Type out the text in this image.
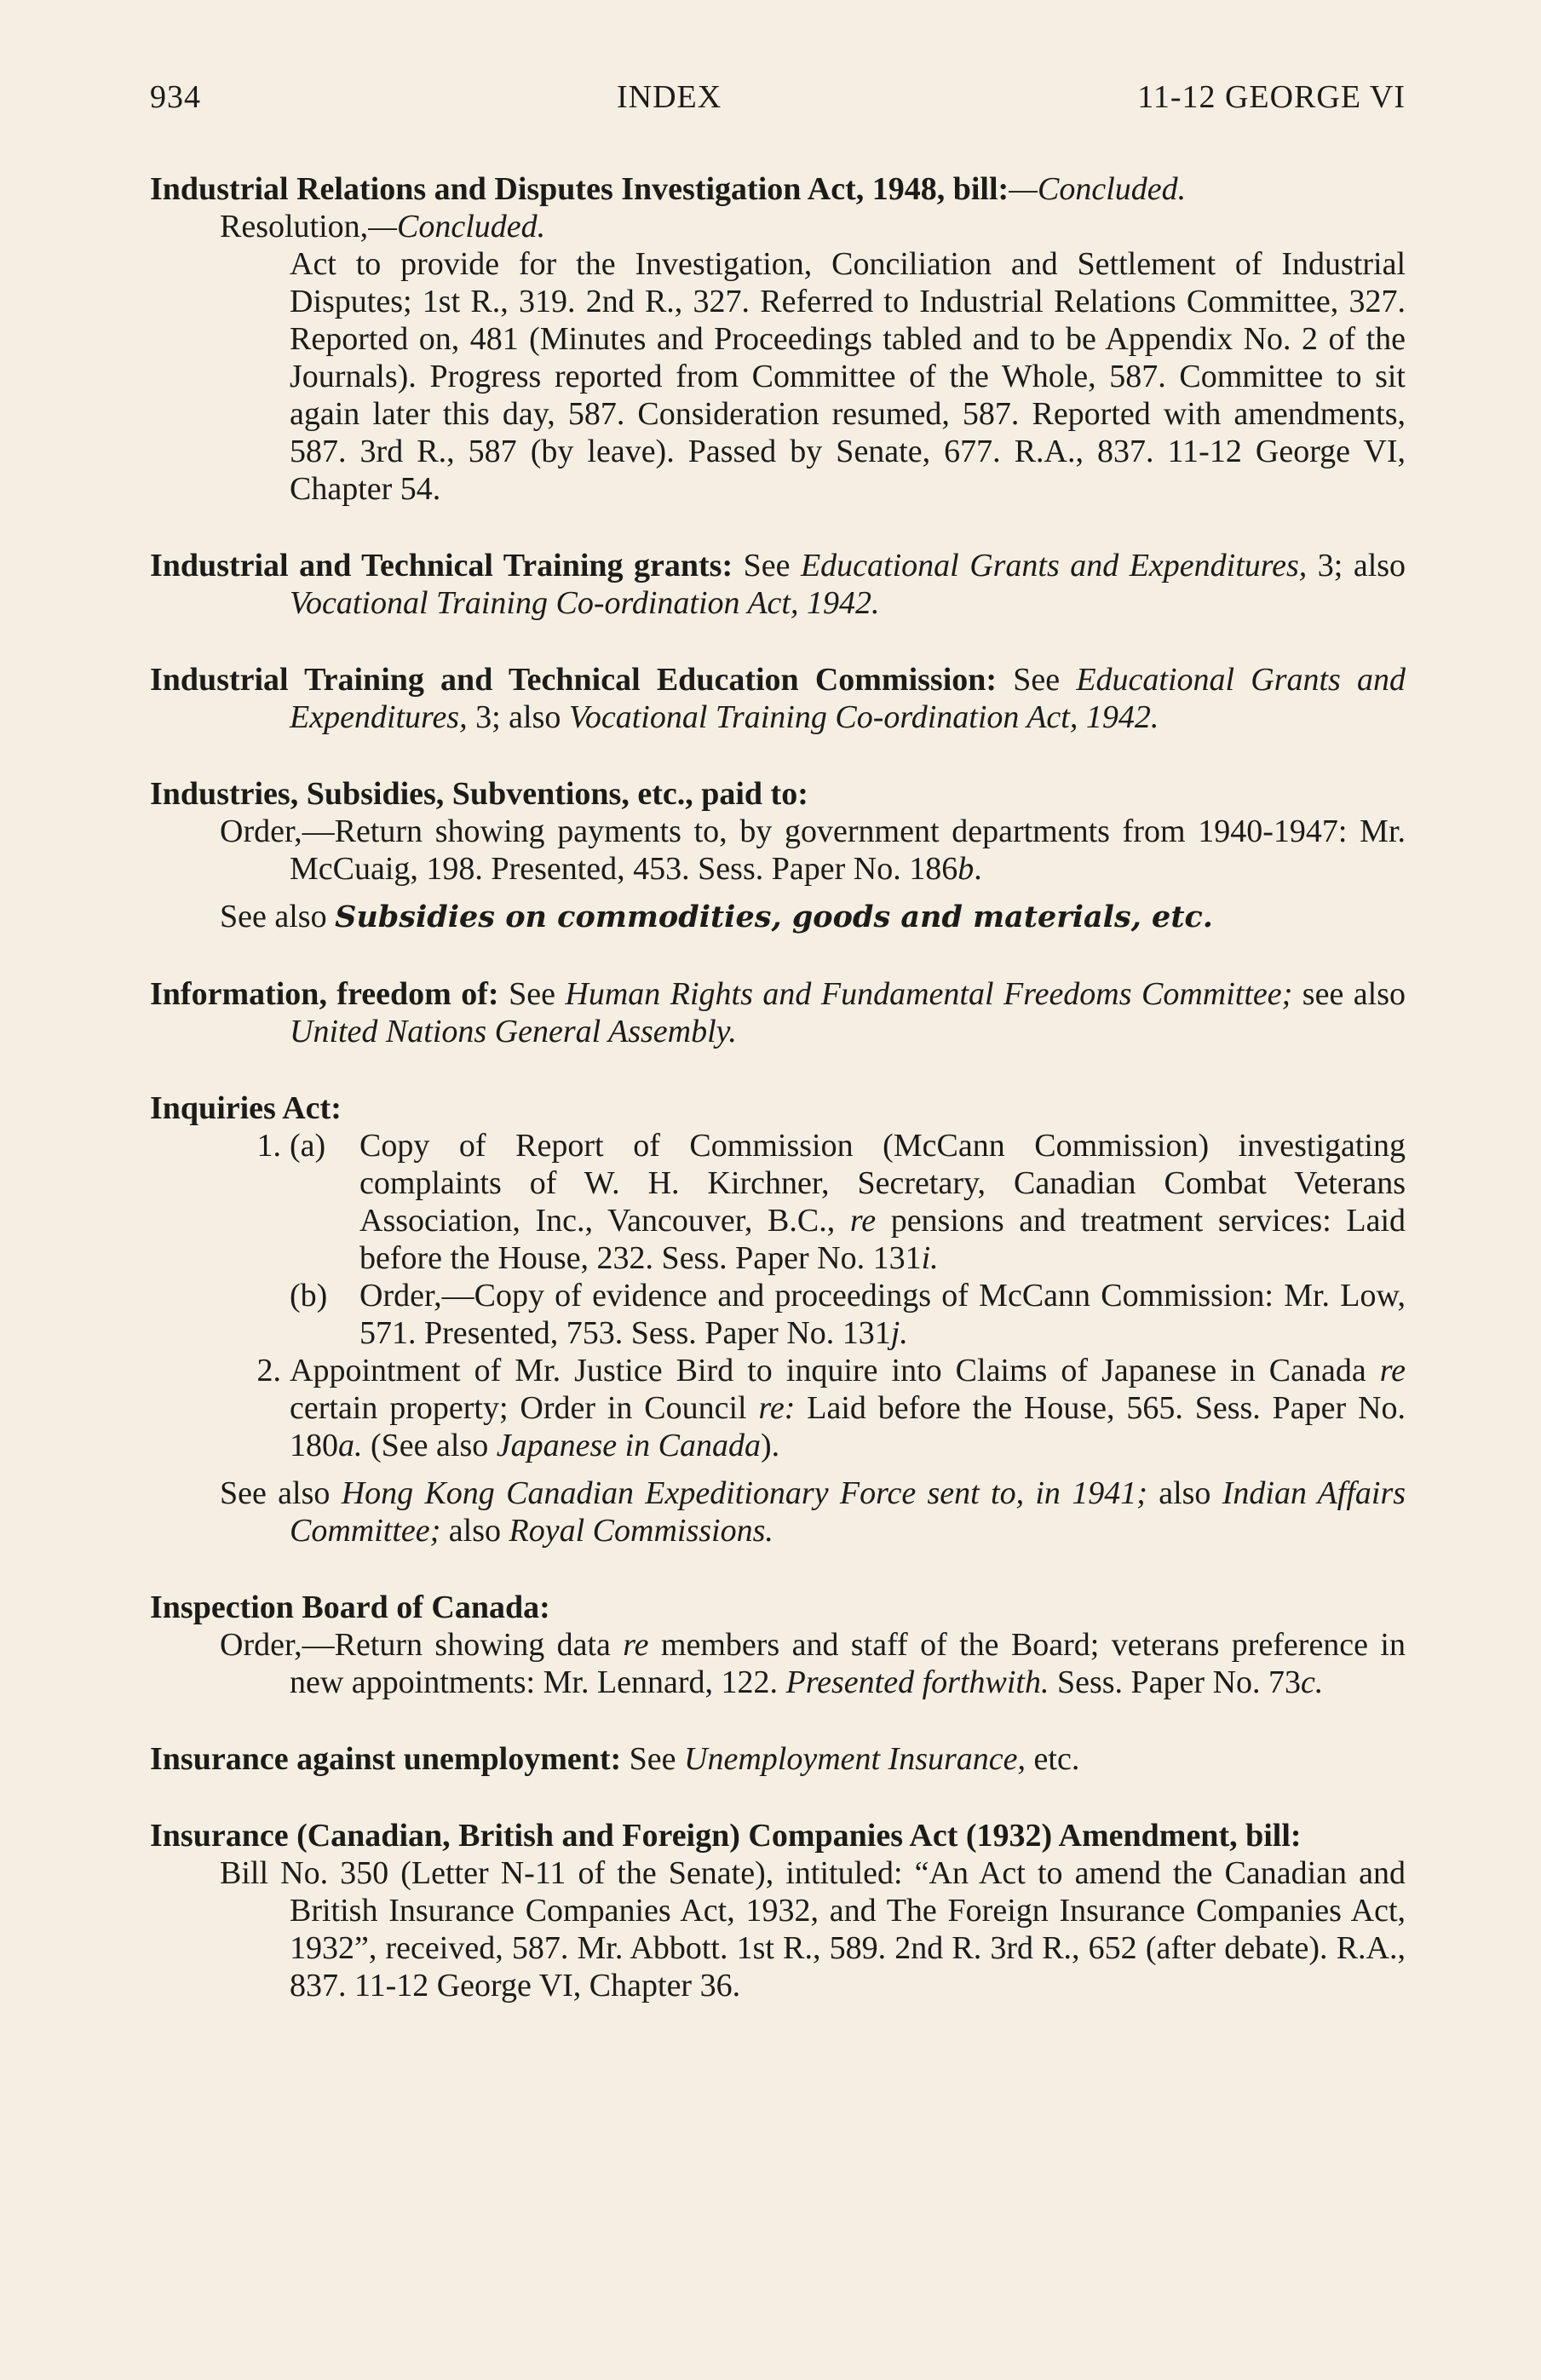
934	INDEX	11-12 GEORGE VI
Industrial Relations and Disputes Investigation Act, 1948, bill:—Concluded.
Resolution,—Concluded.
Act to provide for the Investigation, Conciliation and Settlement of Industrial Disputes; 1st R., 319. 2nd R., 327. Referred to Industrial Relations Committee, 327. Reported on, 481 (Minutes and Proceedings tabled and to be Appendix No. 2 of the Journals). Progress reported from Committee of the Whole, 587. Committee to sit again later this day, 587. Consideration resumed, 587. Reported with amendments, 587. 3rd R., 587 (by leave). Passed by Senate, 677. R.A., 837. 11-12 George VI, Chapter 54.
Industrial and Technical Training grants: See Educational Grants and Expenditures, 3; also Vocational Training Co-ordination Act, 1942.
Industrial Training and Technical Education Commission: See Educational Grants and Expenditures, 3; also Vocational Training Co-ordination Act, 1942.
Industries, Subsidies, Subventions, etc., paid to:
Order,—Return showing payments to, by government departments from 1940-1947: Mr. McCuaig, 198. Presented, 453. Sess. Paper No. 186b.
See also Subsidies on commodities, goods and materials, etc.
Information, freedom of: See Human Rights and Fundamental Freedoms Committee; see also United Nations General Assembly.
Inquiries Act:
1. (a)	Copy of Report of Commission (McCann Commission) investigating complaints of W. H. Kirchner, Secretary, Canadian Combat Veterans Association, Inc., Vancouver, B.C., re pensions and treatment services: Laid before the House, 232. Sess. Paper No. 131i.
(b) Order,—Copy of evidence and proceedings of McCann Commission: Mr. Low, 571. Presented, 753. Sess. Paper No. 131j.
2. Appointment of Mr. Justice Bird to inquire into Claims of Japanese in Canada re certain property; Order in Council re: Laid before the House, 565. Sess. Paper No. 180a. (See also Japanese in Canada).
See also Hong Kong Canadian Expeditionary Force sent to, in 1941; also Indian Affairs Committee; also Royal Commissions.
Inspection Board of Canada:
Order,—Return showing data re members and staff of the Board; veterans preference in new appointments: Mr. Lennard, 122. Presented forthwith. Sess. Paper No. 73c.
Insurance against unemployment: See Unemployment Insurance, etc.
Insurance (Canadian, British and Foreign) Companies Act (1932) Amendment, bill:
Bill No. 350 (Letter N-11 of the Senate), intituled: “An Act to amend the Canadian and British Insurance Companies Act, 1932, and The Foreign Insurance Companies Act, 1932”, received, 587. Mr. Abbott. 1st R., 589. 2nd R. 3rd R., 652 (after debate). R.A., 837. 11-12 George VI, Chapter 36.
